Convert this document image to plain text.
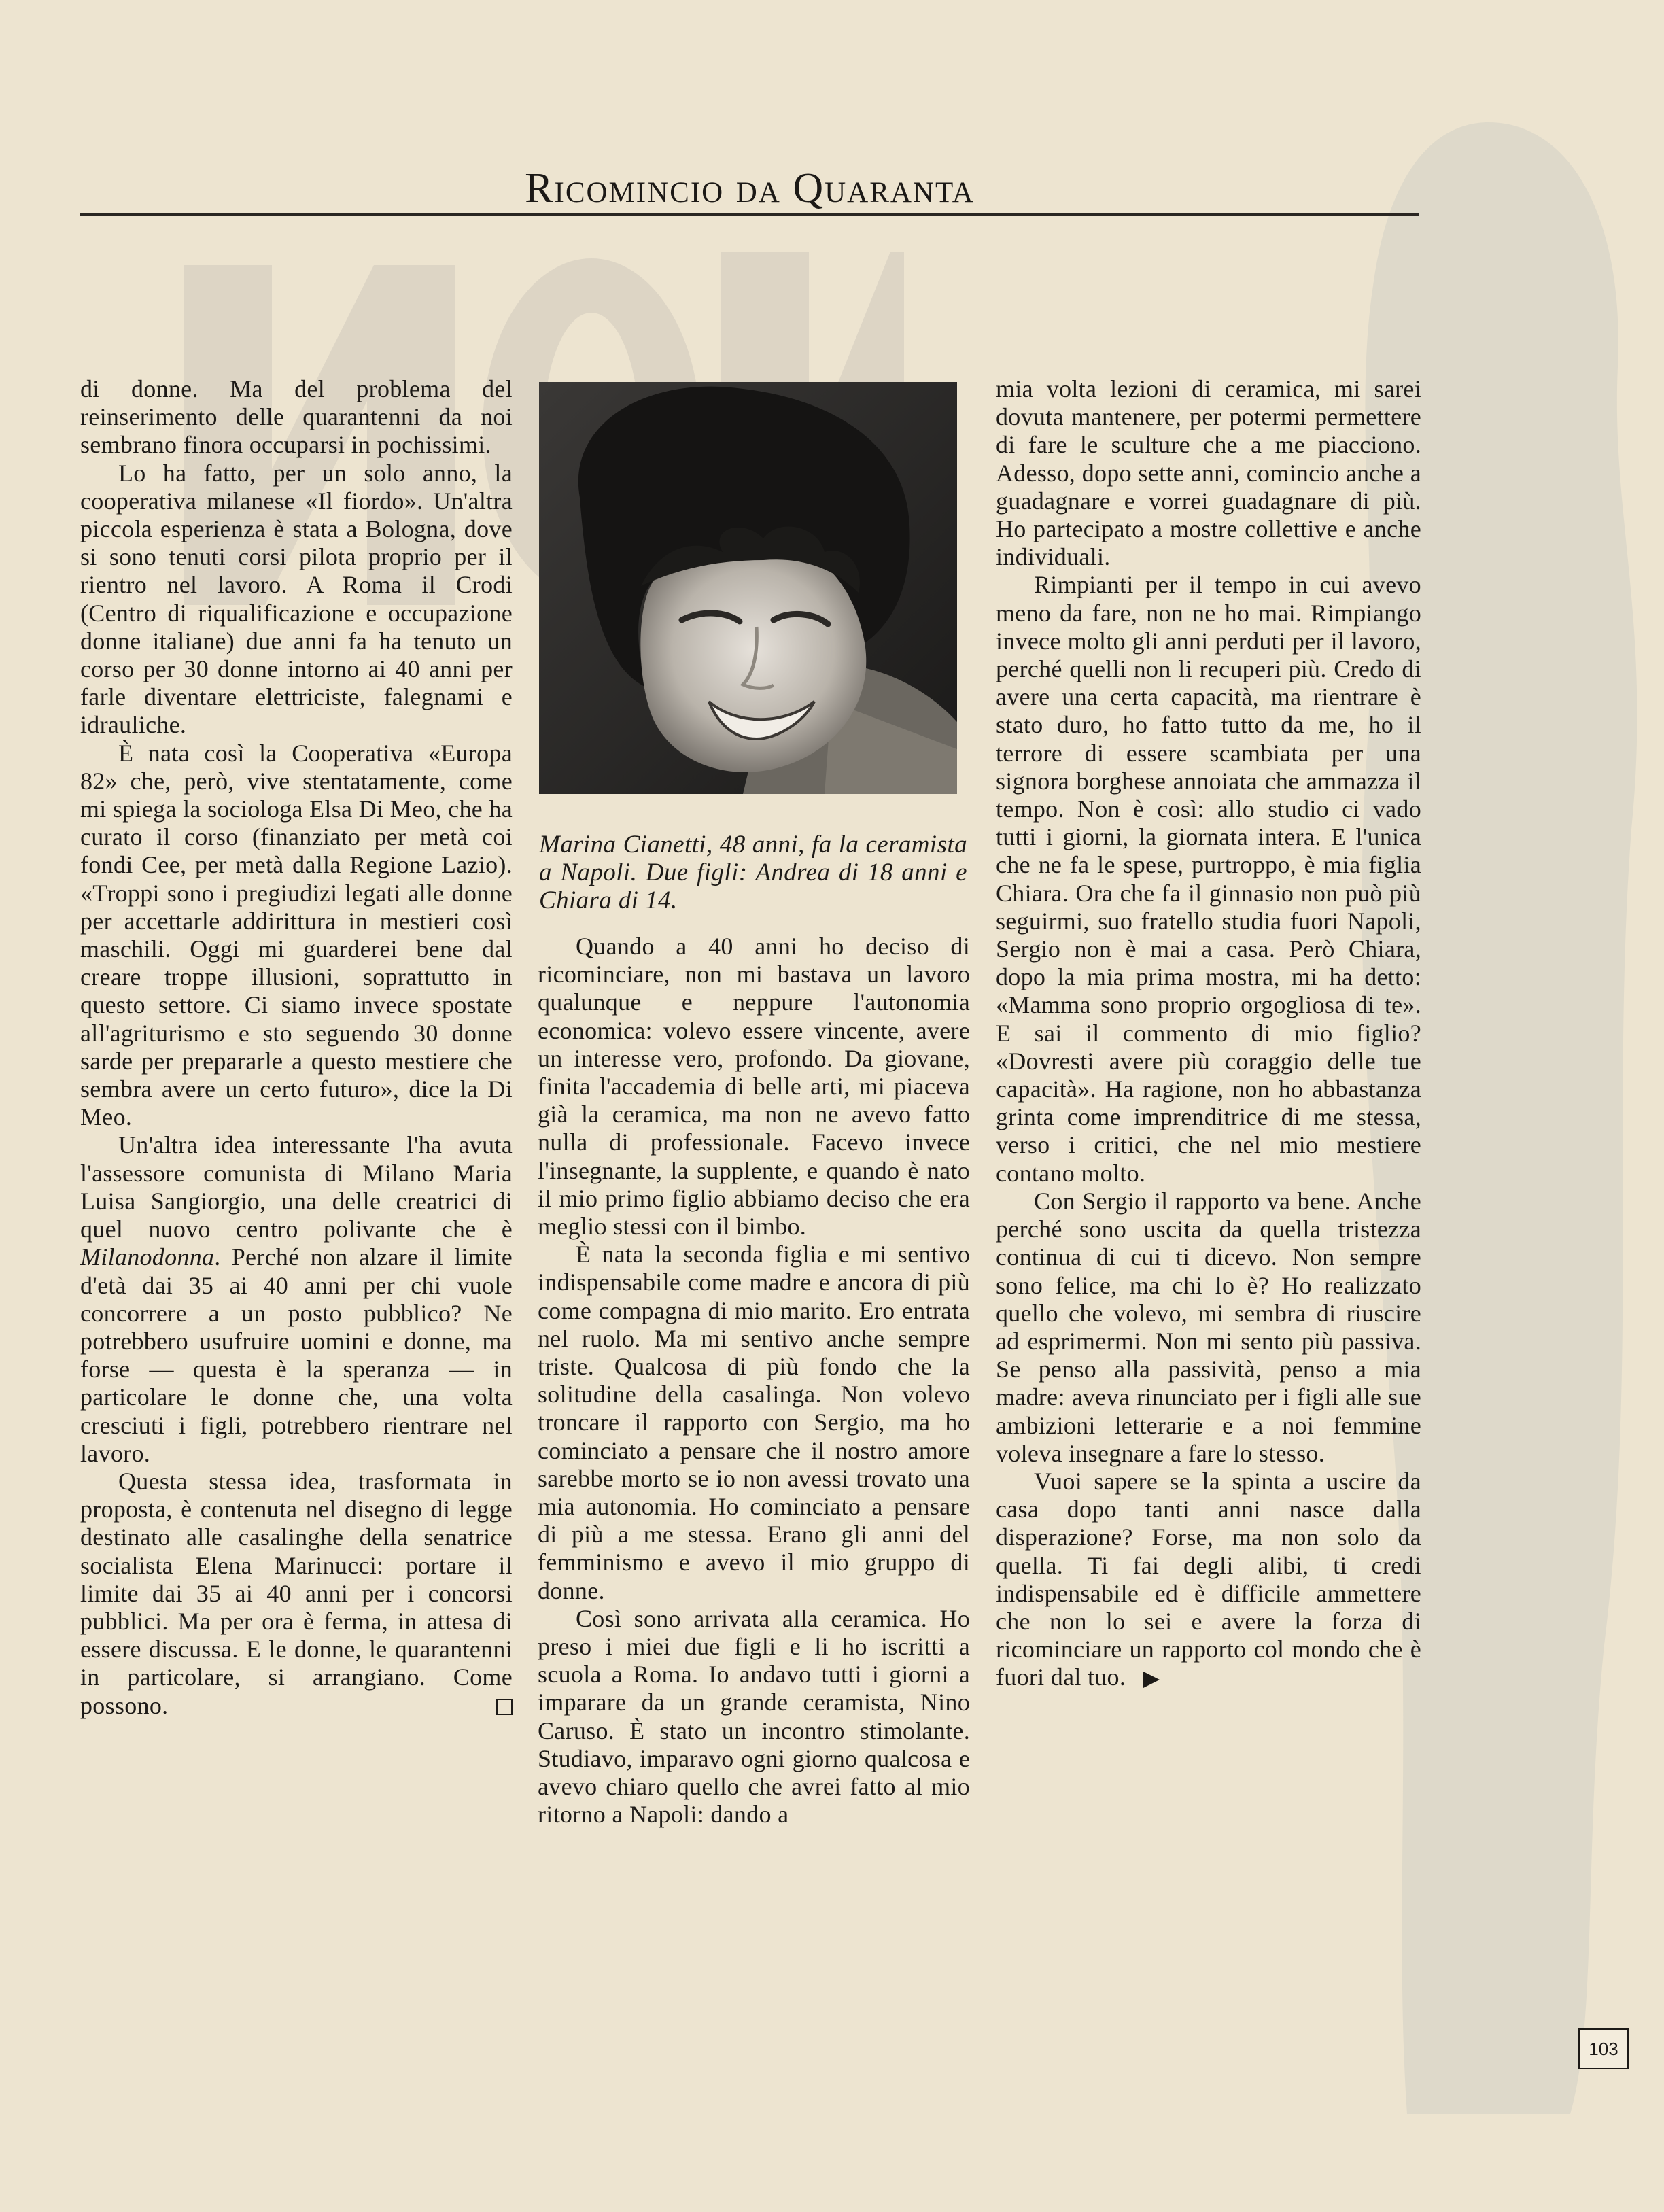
Ricomincio da Quaranta

di donne. Ma del problema del reinserimento delle quarantenni da noi sembrano finora occuparsi in pochissimi.

Lo ha fatto, per un solo anno, la cooperativa milanese «Il fiordo». Un'altra piccola esperienza è stata a Bologna, dove si sono tenuti corsi pilota proprio per il rientro nel lavoro. A Roma il Crodi (Centro di riqualificazione e occupazione donne italiane) due anni fa ha tenuto un corso per 30 donne intorno ai 40 anni per farle diventare elettriciste, falegnami e idrauliche.

È nata così la Cooperativa «Europa 82» che, però, vive stentatamente, come mi spiega la sociologa Elsa Di Meo, che ha curato il corso (finanziato per metà coi fondi Cee, per metà dalla Regione Lazio). «Troppi sono i pregiudizi legati alle donne per accettarle addirittura in mestieri così maschili. Oggi mi guarderei bene dal creare troppe illusioni, soprattutto in questo settore. Ci siamo invece spostate all'agriturismo e sto seguendo 30 donne sarde per prepararle a questo mestiere che sembra avere un certo futuro», dice la Di Meo.

Un'altra idea interessante l'ha avuta l'assessore comunista di Milano Maria Luisa Sangiorgio, una delle creatrici di quel nuovo centro polivante che è Milanodonna. Perché non alzare il limite d'età dai 35 ai 40 anni per chi vuole concorrere a un posto pubblico? Ne potrebbero usufruire uomini e donne, ma forse — questa è la speranza — in particolare le donne che, una volta cresciuti i figli, potrebbero rientrare nel lavoro.

Questa stessa idea, trasformata in proposta, è contenuta nel disegno di legge destinato alle casalinghe della senatrice socialista Elena Marinucci: portare il limite dai 35 ai 40 anni per i concorsi pubblici. Ma per ora è ferma, in attesa di essere discussa. E le donne, le quarantenni in particolare, si arrangiano. Come possono.

Marina Cianetti, 48 anni, fa la ceramista a Napoli. Due figli: Andrea di 18 anni e Chiara di 14.

Quando a 40 anni ho deciso di ricominciare, non mi bastava un lavoro qualunque e neppure l'autonomia economica: volevo essere vincente, avere un interesse vero, profondo. Da giovane, finita l'accademia di belle arti, mi piaceva già la ceramica, ma non ne avevo fatto nulla di professionale. Facevo invece l'insegnante, la supplente, e quando è nato il mio primo figlio abbiamo deciso che era meglio stessi con il bimbo.

È nata la seconda figlia e mi sentivo indispensabile come madre e ancora di più come compagna di mio marito. Ero entrata nel ruolo. Ma mi sentivo anche sempre triste. Qualcosa di più fondo che la solitudine della casalinga. Non volevo troncare il rapporto con Sergio, ma ho cominciato a pensare che il nostro amore sarebbe morto se io non avessi trovato una mia autonomia. Ho cominciato a pensare di più a me stessa. Erano gli anni del femminismo e avevo il mio gruppo di donne.

Così sono arrivata alla ceramica. Ho preso i miei due figli e li ho iscritti a scuola a Roma. Io andavo tutti i giorni a imparare da un grande ceramista, Nino Caruso. È stato un incontro stimolante. Studiavo, imparavo ogni giorno qualcosa e avevo chiaro quello che avrei fatto al mio ritorno a Napoli: dando a

mia volta lezioni di ceramica, mi sarei dovuta mantenere, per potermi permettere di fare le sculture che a me piacciono. Adesso, dopo sette anni, comincio anche a guadagnare e vorrei guadagnare di più. Ho partecipato a mostre collettive e anche individuali.

Rimpianti per il tempo in cui avevo meno da fare, non ne ho mai. Rimpiango invece molto gli anni perduti per il lavoro, perché quelli non li recuperi più. Credo di avere una certa capacità, ma rientrare è stato duro, ho fatto tutto da me, ho il terrore di essere scambiata per una signora borghese annoiata che ammazza il tempo. Non è così: allo studio ci vado tutti i giorni, la giornata intera. E l'unica che ne fa le spese, purtroppo, è mia figlia Chiara. Ora che fa il ginnasio non può più seguirmi, suo fratello studia fuori Napoli, Sergio non è mai a casa. Però Chiara, dopo la mia prima mostra, mi ha detto: «Mamma sono proprio orgogliosa di te». E sai il commento di mio figlio? «Dovresti avere più coraggio delle tue capacità». Ha ragione, non ho abbastanza grinta come imprenditrice di me stessa, verso i critici, che nel mio mestiere contano molto.

Con Sergio il rapporto va bene. Anche perché sono uscita da quella tristezza continua di cui ti dicevo. Non sempre sono felice, ma chi lo è? Ho realizzato quello che volevo, mi sembra di riuscire ad esprimermi. Non mi sento più passiva. Se penso alla passività, penso a mia madre: aveva rinunciato per i figli alle sue ambizioni letterarie e a noi femmine voleva insegnare a fare lo stesso.

Vuoi sapere se la spinta a uscire da casa dopo tanti anni nasce dalla disperazione? Forse, ma non solo da quella. Ti fai degli alibi, ti credi indispensabile ed è difficile ammettere che non lo sei e avere la forza di ricominciare un rapporto col mondo che è fuori dal tuo.

103
